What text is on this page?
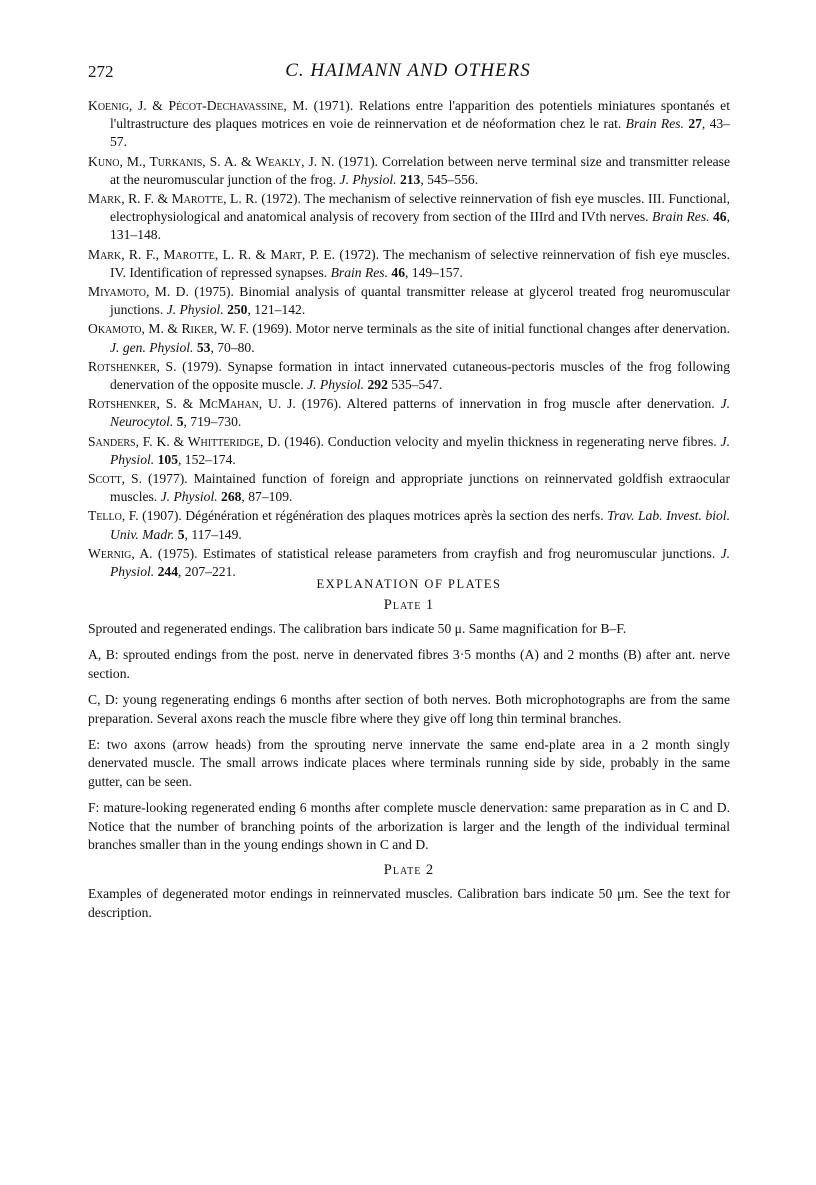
272	C. HAIMANN AND OTHERS

Koenig, J. & Pécot-Dechavassine, M. (1971). Relations entre l'apparition des potentiels miniatures spontanés et l'ultrastructure des plaques motrices en voie de reinnervation et de néoformation chez le rat. Brain Res. 27, 43–57.

Kuno, M., Turkanis, S. A. & Weakly, J. N. (1971). Correlation between nerve terminal size and transmitter release at the neuromuscular junction of the frog. J. Physiol. 213, 545–556.

Mark, R. F. & Marotte, L. R. (1972). The mechanism of selective reinnervation of fish eye muscles. III. Functional, electrophysiological and anatomical analysis of recovery from section of the IIIrd and IVth nerves. Brain Res. 46, 131–148.

Mark, R. F., Marotte, L. R. & Mart, P. E. (1972). The mechanism of selective reinnervation of fish eye muscles. IV. Identification of repressed synapses. Brain Res. 46, 149–157.

Miyamoto, M. D. (1975). Binomial analysis of quantal transmitter release at glycerol treated frog neuromuscular junctions. J. Physiol. 250, 121–142.

Okamoto, M. & Riker, W. F. (1969). Motor nerve terminals as the site of initial functional changes after denervation. J. gen. Physiol. 53, 70–80.

Rotshenker, S. (1979). Synapse formation in intact innervated cutaneous-pectoris muscles of the frog following denervation of the opposite muscle. J. Physiol. 292 535–547.

Rotshenker, S. & McMahan, U. J. (1976). Altered patterns of innervation in frog muscle after denervation. J. Neurocytol. 5, 719–730.

Sanders, F. K. & Whitteridge, D. (1946). Conduction velocity and myelin thickness in regenerating nerve fibres. J. Physiol. 105, 152–174.

Scott, S. (1977). Maintained function of foreign and appropriate junctions on reinnervated goldfish extraocular muscles. J. Physiol. 268, 87–109.

Tello, F. (1907). Dégénération et régénération des plaques motrices après la section des nerfs. Trav. Lab. Invest. biol. Univ. Madr. 5, 117–149.

Wernig, A. (1975). Estimates of statistical release parameters from crayfish and frog neuromuscular junctions. J. Physiol. 244, 207–221.

EXPLANATION OF PLATES
Plate 1

Sprouted and regenerated endings. The calibration bars indicate 50 μ. Same magnification for B–F.

A, B: sprouted endings from the post. nerve in denervated fibres 3·5 months (A) and 2 months (B) after ant. nerve section.

C, D: young regenerating endings 6 months after section of both nerves. Both microphotographs are from the same preparation. Several axons reach the muscle fibre where they give off long thin terminal branches.

E: two axons (arrow heads) from the sprouting nerve innervate the same end-plate area in a 2 month singly denervated muscle. The small arrows indicate places where terminals running side by side, probably in the same gutter, can be seen.

F: mature-looking regenerated ending 6 months after complete muscle denervation: same preparation as in C and D. Notice that the number of branching points of the arborization is larger and the length of the individual terminal branches smaller than in the young endings shown in C and D.

Plate 2

Examples of degenerated motor endings in reinnervated muscles. Calibration bars indicate 50 μm. See the text for description.
